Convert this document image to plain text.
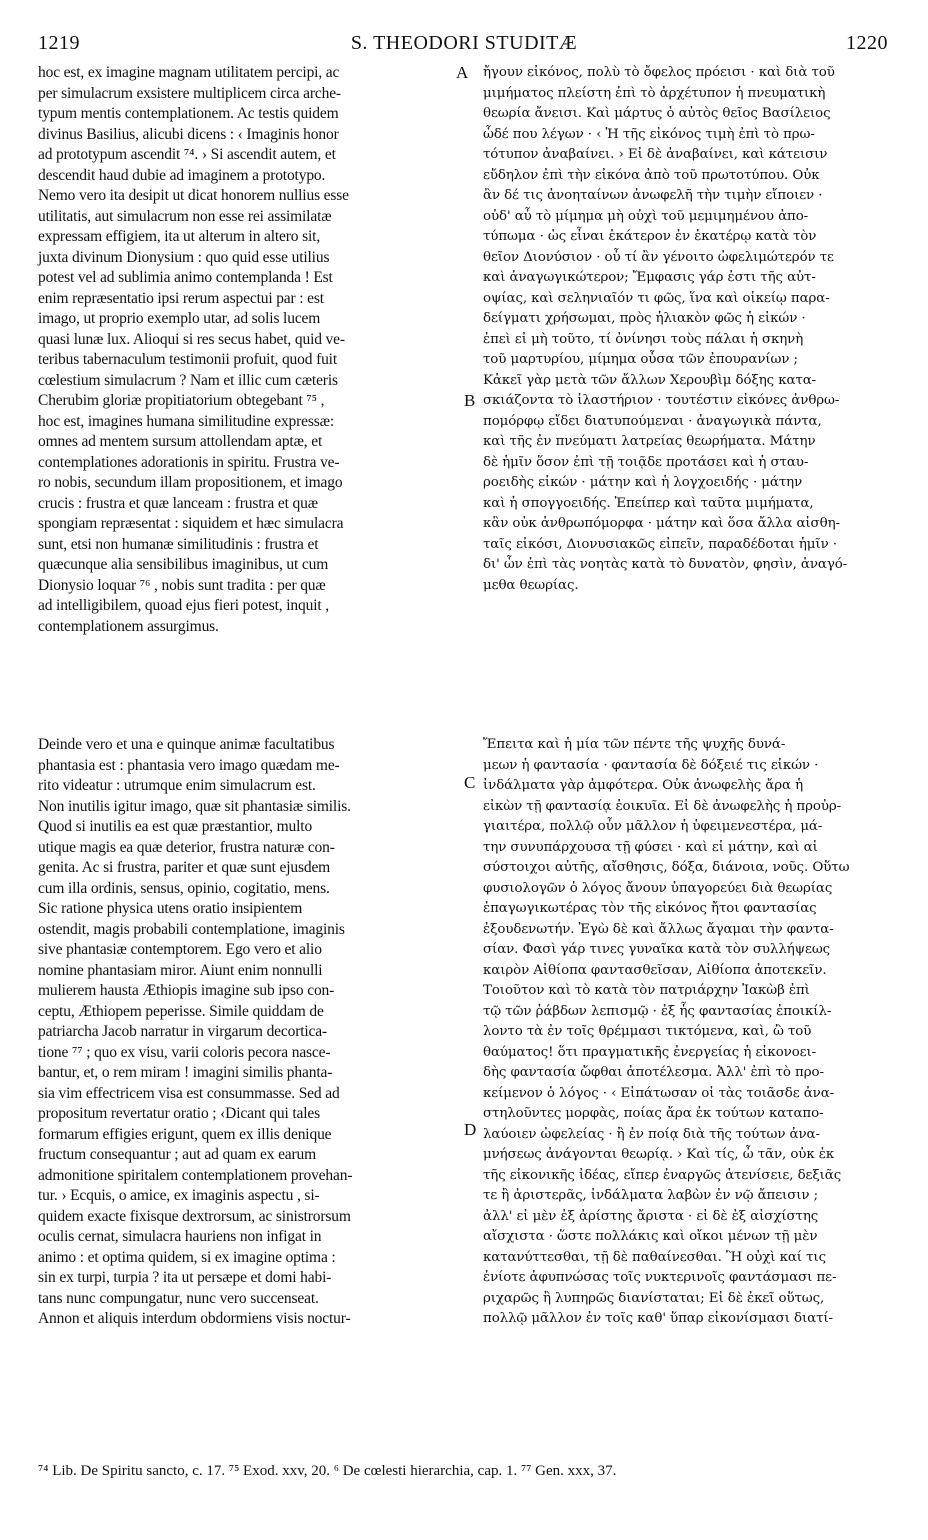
1219	S. THEODORI STUDITÆ	1220
hoc est, ex imagine magnam utilitatem percipi, ac
per simulacrum exsistere multiplicem circa arche-
typum mentis contemplationem. Ac testis quidem
divinus Basilius, alicubi dicens : ‹ Imaginis honor
ad prototypum ascendit ⁷⁴. › Si ascendit autem, et
descendit haud dubie ad imaginem a prototypo.
Nemo vero ita desipit ut dicat honorem nullius esse
utilitatis, aut simulacrum non esse rei assimilatæ
expressam effigiem, ita ut alterum in altero sit,
juxta divinum Dionysium : quo quid esse utilius
potest vel ad sublimia animo contemplanda ! Est
enim repræsentatio ipsi rerum aspectui par : est
imago, ut proprio exemplo utar, ad solis lucem
quasi lunæ lux. Alioqui si res secus habet, quid ve-
teribus tabernaculum testimonii profuit, quod fuit
cœlestium simulacrum ? Nam et illic cum cæteris
Cherubim gloriæ propitiatorium obtegebant ⁷⁵ ,
hoc est, imagines humana similitudine expressæ:
omnes ad mentem sursum attollendam aptæ, et
contemplationes adorationis in spiritu. Frustra ve-
ro nobis, secundum illam propositionem, et imago
crucis : frustra et quæ lanceam : frustra et quæ
spongiam repræsentat : siquidem et hæc simulacra
sunt, etsi non humanæ similitudinis : frustra et
quæcunque alia sensibilibus imaginibus, ut cum
Dionysio loquar ⁷⁶ , nobis sunt tradita : per quæ
ad intelligibilem, quoad ejus fieri potest, inquit ,
contemplationem assurgimus.
ἤγουν εἰκόνος, πολὺ τὸ ὄφελος πρόεισι · καὶ διὰ τοῦ
μιμήματος πλείστη ἐπὶ τὸ ἀρχέτυπον ἡ πνευματικὴ
θεωρία ἄνεισι. Καὶ μάρτυς ὁ αὐτὸς θεῖος Βασίλειος
ὧδέ που λέγων · ‹ Ἡ τῆς εἰκόνος τιμὴ ἐπὶ τὸ πρω-
τότυπον ἀναβαίνει. › Εἰ δὲ ἀναβαίνει, καὶ κάτεισιν
εὔδηλον ἐπὶ τὴν εἰκόνα ἀπὸ τοῦ πρωτοτύπου. Οὐκ
ἂν δέ τις ἀνοηταίνων ἀνωφελῆ τὴν τιμὴν εἴποιεν ·
οὐδ' αὖ τὸ μίμημα μὴ οὐχὶ τοῦ μεμιμημένου ἀπο-
τύπωμα · ὡς εἶναι ἑκάτερον ἐν ἑκατέρῳ κατὰ τὸν
θεῖον Διονύσιον · οὗ τί ἂν γένοιτο ὠφελιμώτερόν τε
καὶ ἀναγωγικώτερον; Ἔμφασις γάρ ἐστι τῆς αὐτ-
οψίας, καὶ σεληνιαῖόν τι φῶς, ἵνα καὶ οἰκείῳ παρα-
δείγματι χρήσωμαι, πρὸς ἡλιακὸν φῶς ἡ εἰκών ·
ἐπεὶ εἰ μὴ τοῦτο, τί ὀνίνησι τοὺς πάλαι ἡ σκηνὴ
τοῦ μαρτυρίου, μίμημα οὖσα τῶν ἐπουρανίων ;
Κἀκεῖ γὰρ μετὰ τῶν ἄλλων Χερουβὶμ δόξης κατα-
σκιάζοντα τὸ ἱλαστήριον · τουτέστιν εἰκόνες ἀνθρω-
πομόρφῳ εἴδει διατυπούμεναι · ἀναγωγικὰ πάντα,
καὶ τῆς ἐν πνεύματι λατρείας θεωρήματα. Μάτην
δὲ ἡμῖν ὅσον ἐπὶ τῇ τοιᾷδε προτάσει καὶ ἡ σταυ-
ροειδὴς εἰκών · μάτην καὶ ἡ λογχοειδής · μάτην
καὶ ἡ σπογγοειδής. Ἐπείπερ καὶ ταῦτα μιμήματα,
κἂν οὐκ ἀνθρωπόμορφα · μάτην καὶ ὅσα ἄλλα αἰσθη-
ταῖς εἰκόσι, Διονυσιακῶς εἰπεῖν, παραδέδοται ἡμῖν ·
δι' ὧν ἐπὶ τὰς νοητὰς κατὰ τὸ δυνατὸν, φησὶν, ἀναγό-
μεθα θεωρίας.
Deinde vero et una e quinque animæ facultatibus
phantasia est : phantasia vero imago quædam me-
rito videatur : utrumque enim simulacrum est.
Non inutilis igitur imago, quæ sit phantasiæ similis.
Quod si inutilis ea est quæ præstantior, multo
utique magis ea quæ deterior, frustra naturæ con-
genita. Ac si frustra, pariter et quæ sunt ejusdem
cum illa ordinis, sensus, opinio, cogitatio, mens.
Sic ratione physica utens oratio insipientem
ostendit, magis probabili contemplatione, imaginis
sive phantasiæ contemptorem. Ego vero et alio
nomine phantasiam miror. Aiunt enim nonnulli
mulierem hausta Æthiopis imagine sub ipso con-
ceptu, Æthiopem peperisse. Simile quiddam de
patriarcha Jacob narratur in virgarum decortica-
tione ⁷⁷ ; quo ex visu, varii coloris pecora nasce-
bantur, et, o rem miram ! imagini similis phanta-
sia vim effectricem visa est consummasse. Sed ad
propositum revertatur oratio ; ‹Dicant qui tales
formarum effigies erigunt, quem ex illis denique
fructum consequantur ; aut ad quam ex earum
admonitione spiritalem contemplationem provehan-
tur. › Ecquis, o amice, ex imaginis aspectu , si-
quidem exacte fixisque dextrorsum, ac sinistrorsum
oculis cernat, simulacra hauriens non infigat in
animo : et optima quidem, si ex imagine optima :
sin ex turpi, turpia ? ita ut persæpe et domi habi-
tans nunc compungatur, nunc vero succenseat.
Annon et aliquis interdum obdormiens visis noctur-
Ἔπειτα καὶ ἡ μία τῶν πέντε τῆς ψυχῆς δυνά-
μεων ἡ φαντασία · φαντασία δὲ δόξειέ τις εἰκών ·
ἰνδάλματα γὰρ ἀμφότερα. Οὐκ ἀνωφελὴς ἄρα ἡ
εἰκὼν τῇ φαντασίᾳ ἐοικυῖα. Εἰ δὲ ἀνωφελὴς ἡ προὐρ-
γιαιτέρα, πολλῷ οὖν μᾶλλον ἡ ὑφειμενεστέρα, μά-
την συνυπάρχουσα τῇ φύσει · καὶ εἰ μάτην, καὶ αἱ
σύστοιχοι αὐτῆς, αἴσθησις, δόξα, διάνοια, νοῦς. Οὕτω
φυσιολογῶν ὁ λόγος ἄνουν ὑπαγορεύει διὰ θεωρίας
ἐπαγωγικωτέρας τὸν τῆς εἰκόνος ἤτοι φαντασίας
ἐξουδενωτήν. Ἐγὼ δὲ καὶ ἄλλως ἄγαμαι τὴν φαντα-
σίαν. Φασὶ γάρ τινες γυναῖκα κατὰ τὸν συλλήψεως
καιρὸν Αἰθίοπα φαντασθεῖσαν, Αἰθίοπα ἀποτεκεῖν.
Τοιοῦτον καὶ τὸ κατὰ τὸν πατριάρχην Ἰακὼβ ἐπὶ
τῷ τῶν ῥάβδων λεπισμῷ · ἐξ ἧς φαντασίας ἐποικίλ-
λοντο τὰ ἐν τοῖς θρέμμασι τικτόμενα, καὶ, ὢ τοῦ
θαύματος! ὅτι πραγματικῆς ἐνεργείας ἡ εἰκονοει-
δὴς φαντασία ὤφθαι ἀποτέλεσμα. Ἀλλ' ἐπὶ τὸ προ-
κείμενον ὁ λόγος · ‹ Εἰπάτωσαν οἱ τὰς τοιᾶσδε ἀνα-
στηλοῦντες μορφὰς, ποίας ἄρα ἐκ τούτων καταπο-
λαύοιεν ὠφελείας · ἢ ἐν ποίᾳ διὰ τῆς τούτων ἀνα-
μνήσεως ἀνάγονται θεωρίᾳ. › Καὶ τίς, ὦ τᾶν, οὐκ ἐκ
τῆς εἰκονικῆς ἰδέας, εἴπερ ἐναργῶς ἀτενίσειε, δεξιᾶς
τε ἢ ἀριστερᾶς, ἰνδάλματα λαβὼν ἐν νῷ ἄπεισιν ;
ἀλλ' εἰ μὲν ἐξ ἀρίστης ἄριστα · εἰ δὲ ἐξ αἰσχίστης
αἴσχιστα · ὥστε πολλάκις καὶ οἴκοι μένων τῇ μὲν
κατανύττεσθαι, τῇ δὲ παθαίνεσθαι. Ἢ οὐχὶ καί τις
ἐνίοτε ἀφυπνώσας τοῖς νυκτερινοῖς φαντάσμασι πε-
ριχαρῶς ἢ λυπηρῶς διανίσταται; Εἰ δὲ ἐκεῖ οὕτως,
πολλῷ μᾶλλον ἐν τοῖς καθ' ὕπαρ εἰκονίσμασι διατί-
A
B
C
D
⁷⁴ Lib. De Spiritu sancto, c. 17. ⁷⁵ Exod. xxv, 20. ⁶ De cœlesti hierarchia, cap. 1. ⁷⁷ Gen. xxx, 37.
